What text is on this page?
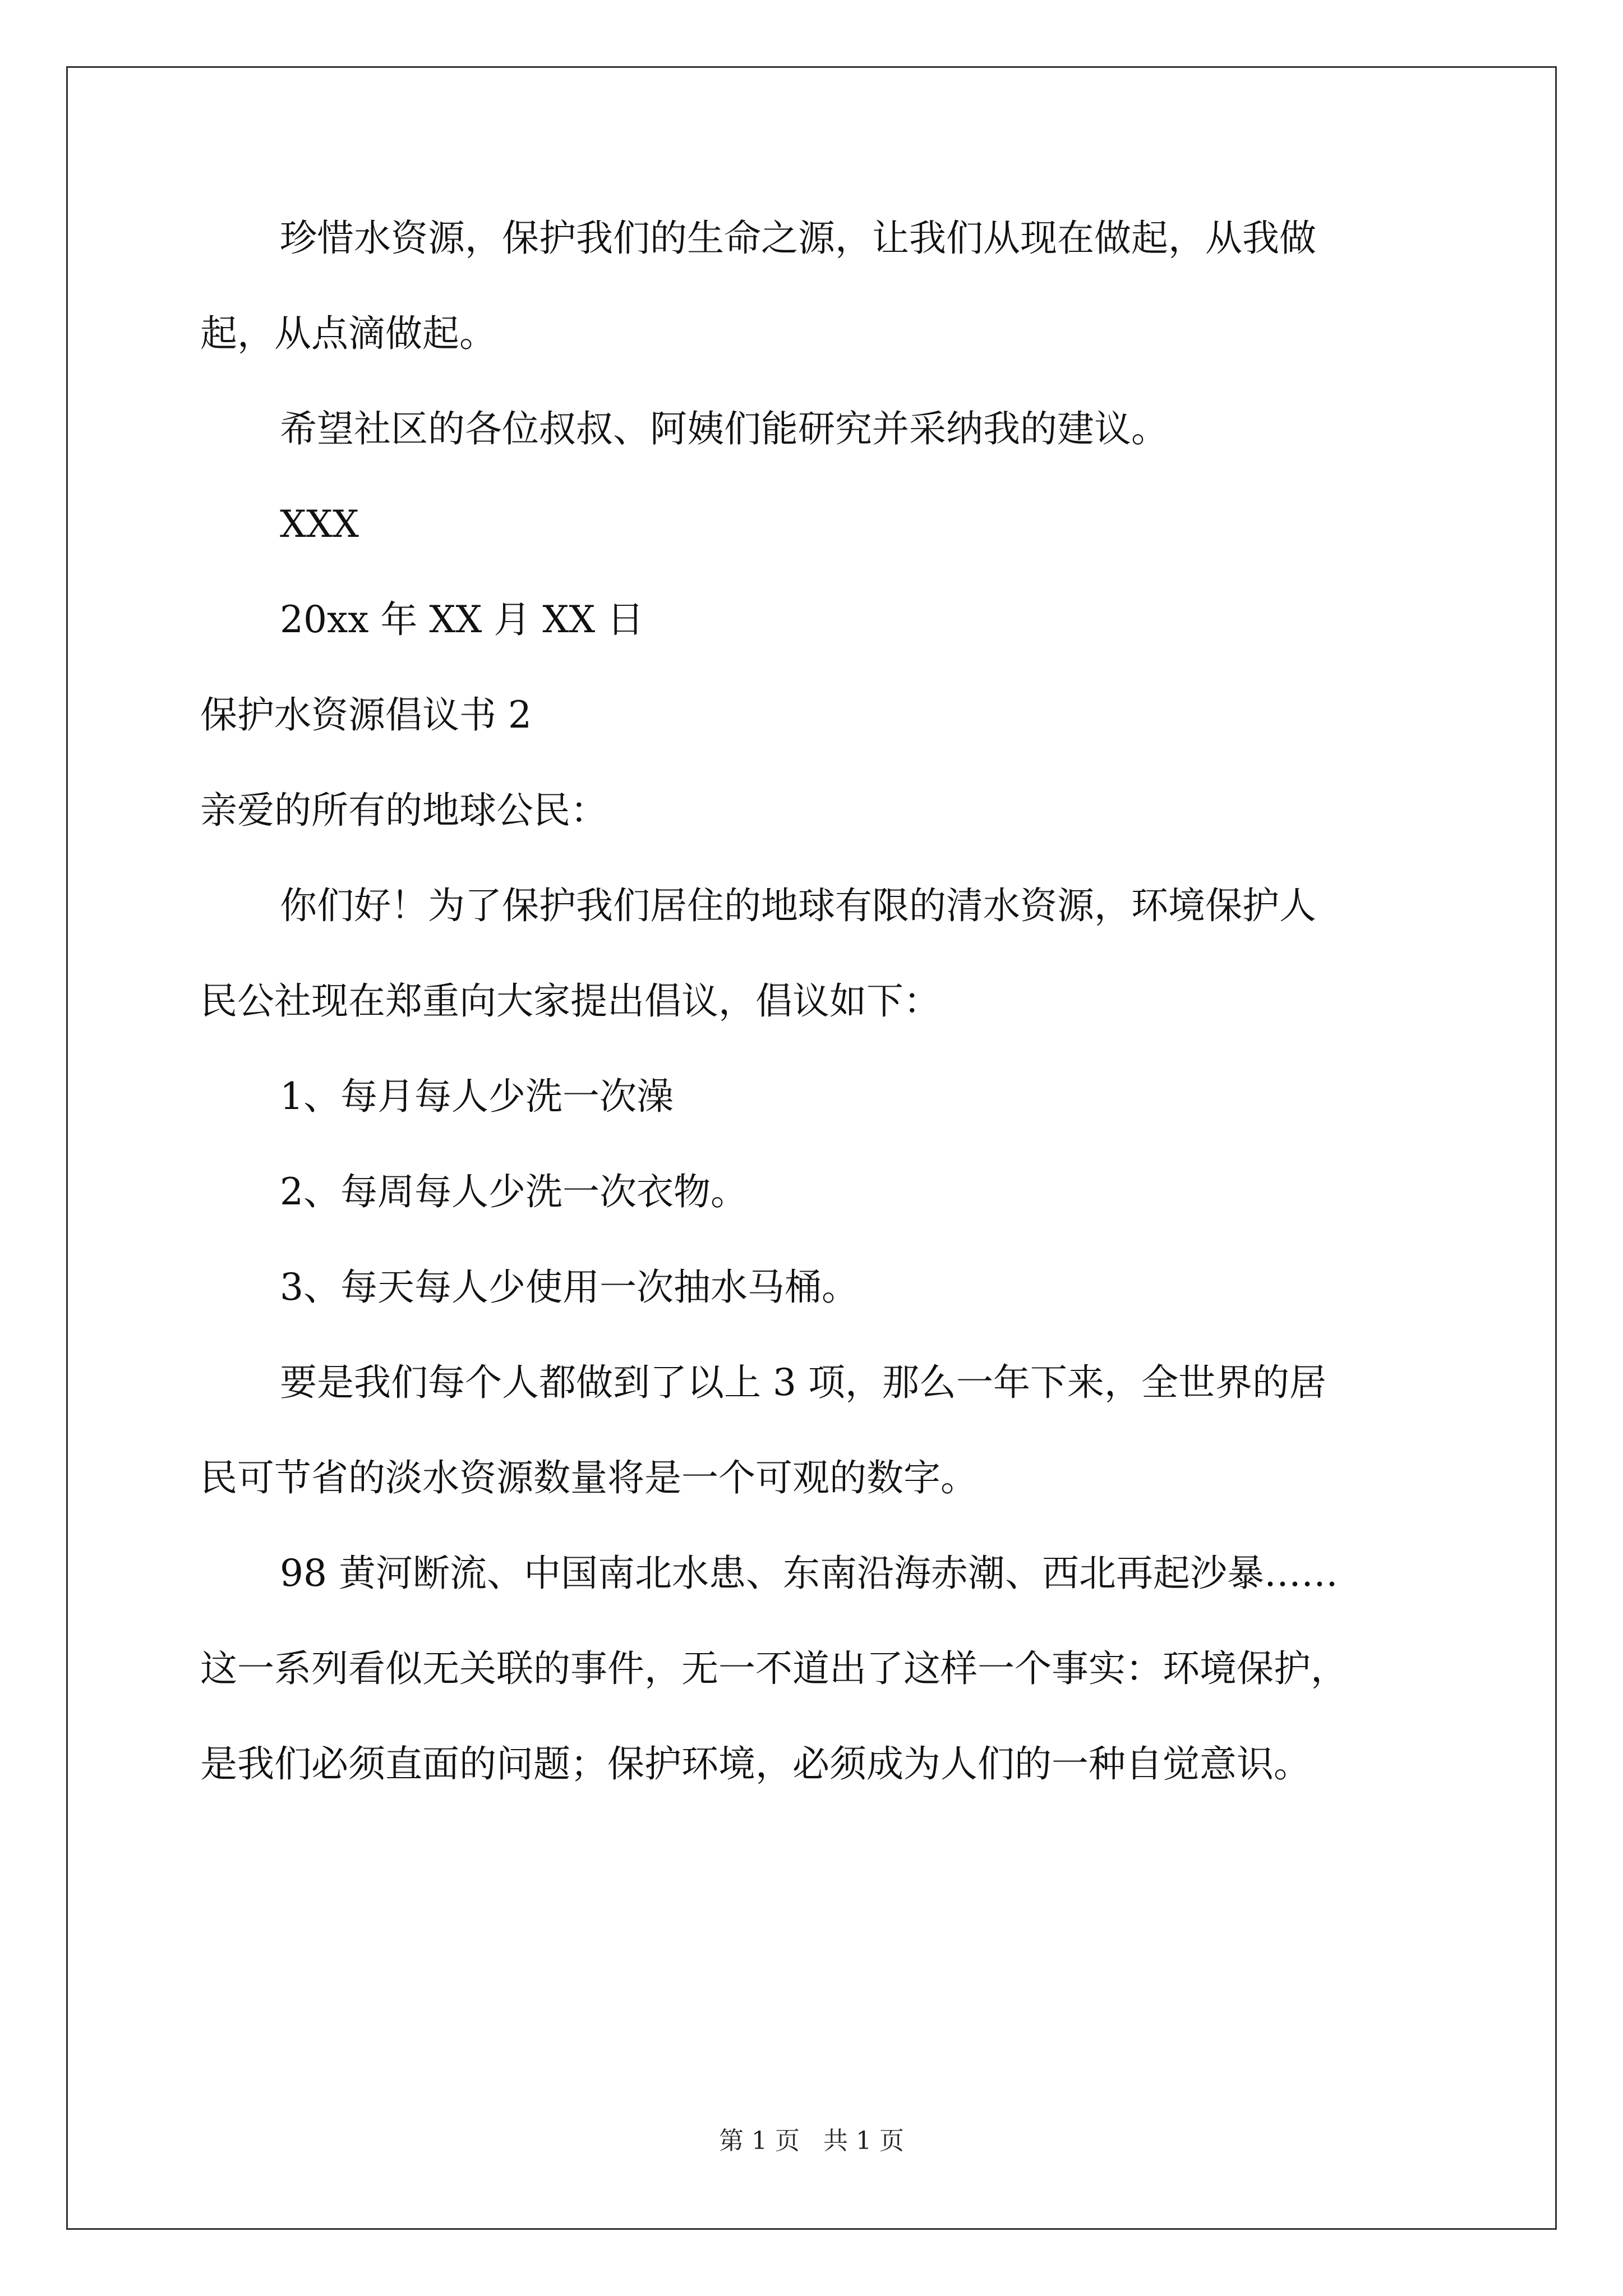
珍惜水资源，保护我们的生命之源，让我们从现在做起，从我做

起，从点滴做起。

希望社区的各位叔叔、阿姨们能研究并采纳我的建议。

XXX

20xx 年 XX 月 XX 日

保护水资源倡议书 2

亲爱的所有的地球公民：

你们好！为了保护我们居住的地球有限的清水资源，环境保护人

民公社现在郑重向大家提出倡议，倡议如下：

1、每月每人少洗一次澡

2、每周每人少洗一次衣物。

3、每天每人少使用一次抽水马桶。

要是我们每个人都做到了以上 3 项，那么一年下来，全世界的居

民可节省的淡水资源数量将是一个可观的数字。

98 黄河断流、中国南北水患、东南沿海赤潮、西北再起沙暴……

这一系列看似无关联的事件，无一不道出了这样一个事实：环境保护，

是我们必须直面的问题；保护环境，必须成为人们的一种自觉意识。

第 1 页 共 1 页
